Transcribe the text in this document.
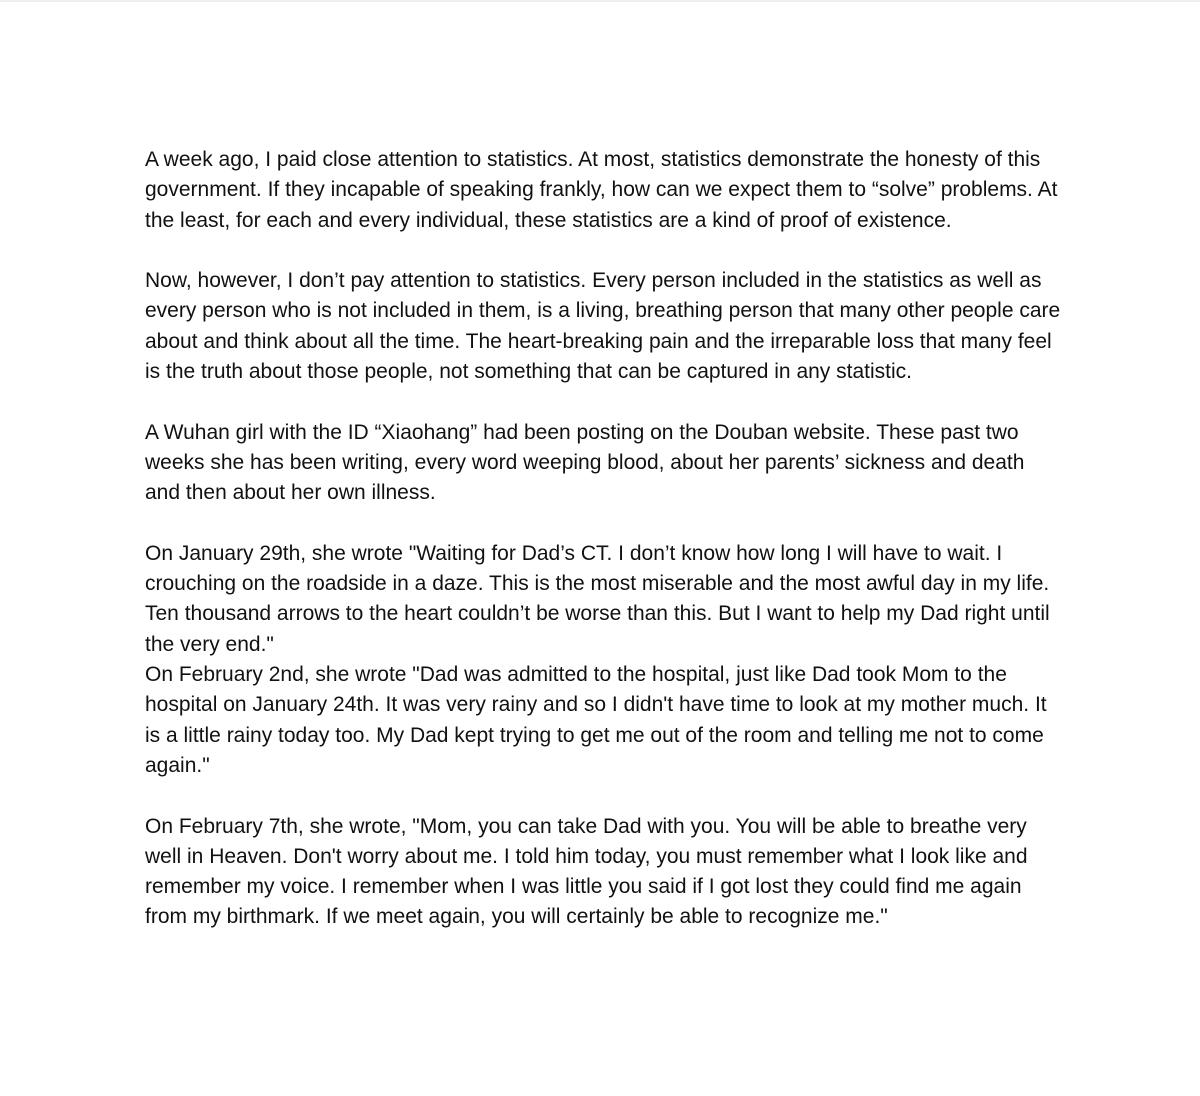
A week ago, I paid close attention to statistics. At most, statistics demonstrate the honesty of this government. If they incapable of speaking frankly, how can we expect them to “solve” problems. At the least, for each and every individual, these statistics are a kind of proof of existence.

Now, however, I don’t pay attention to statistics. Every person included in the statistics as well as every person who is not included in them, is a living, breathing person that many other people care about and think about all the time. The heart-breaking pain and the irreparable loss that many feel is the truth about those people, not something that can be captured in any statistic.

A Wuhan girl with the ID “Xiaohang” had been posting on the Douban website. These past two weeks she has been writing, every word weeping blood, about her parents’ sickness and death and then about her own illness.

On January 29th, she wrote "Waiting for Dad’s CT. I don’t know how long I will have to wait. I crouching on the roadside in a daze. This is the most miserable and the most awful day in my life. Ten thousand arrows to the heart couldn’t be worse than this. But I want to help my Dad right until the very end."

On February 2nd, she wrote "Dad was admitted to the hospital, just like Dad took Mom to the hospital on January 24th. It was very rainy and so I didn't have time to look at my mother much. It is a little rainy today too. My Dad kept trying to get me out of the room and telling me not to come again."

On February 7th, she wrote, "Mom, you can take Dad with you. You will be able to breathe very well in Heaven. Don't worry about me. I told him today, you must remember what I look like and remember my voice. I remember when I was little you said if I got lost they could find me again from my birthmark. If we meet again, you will certainly be able to recognize me."
